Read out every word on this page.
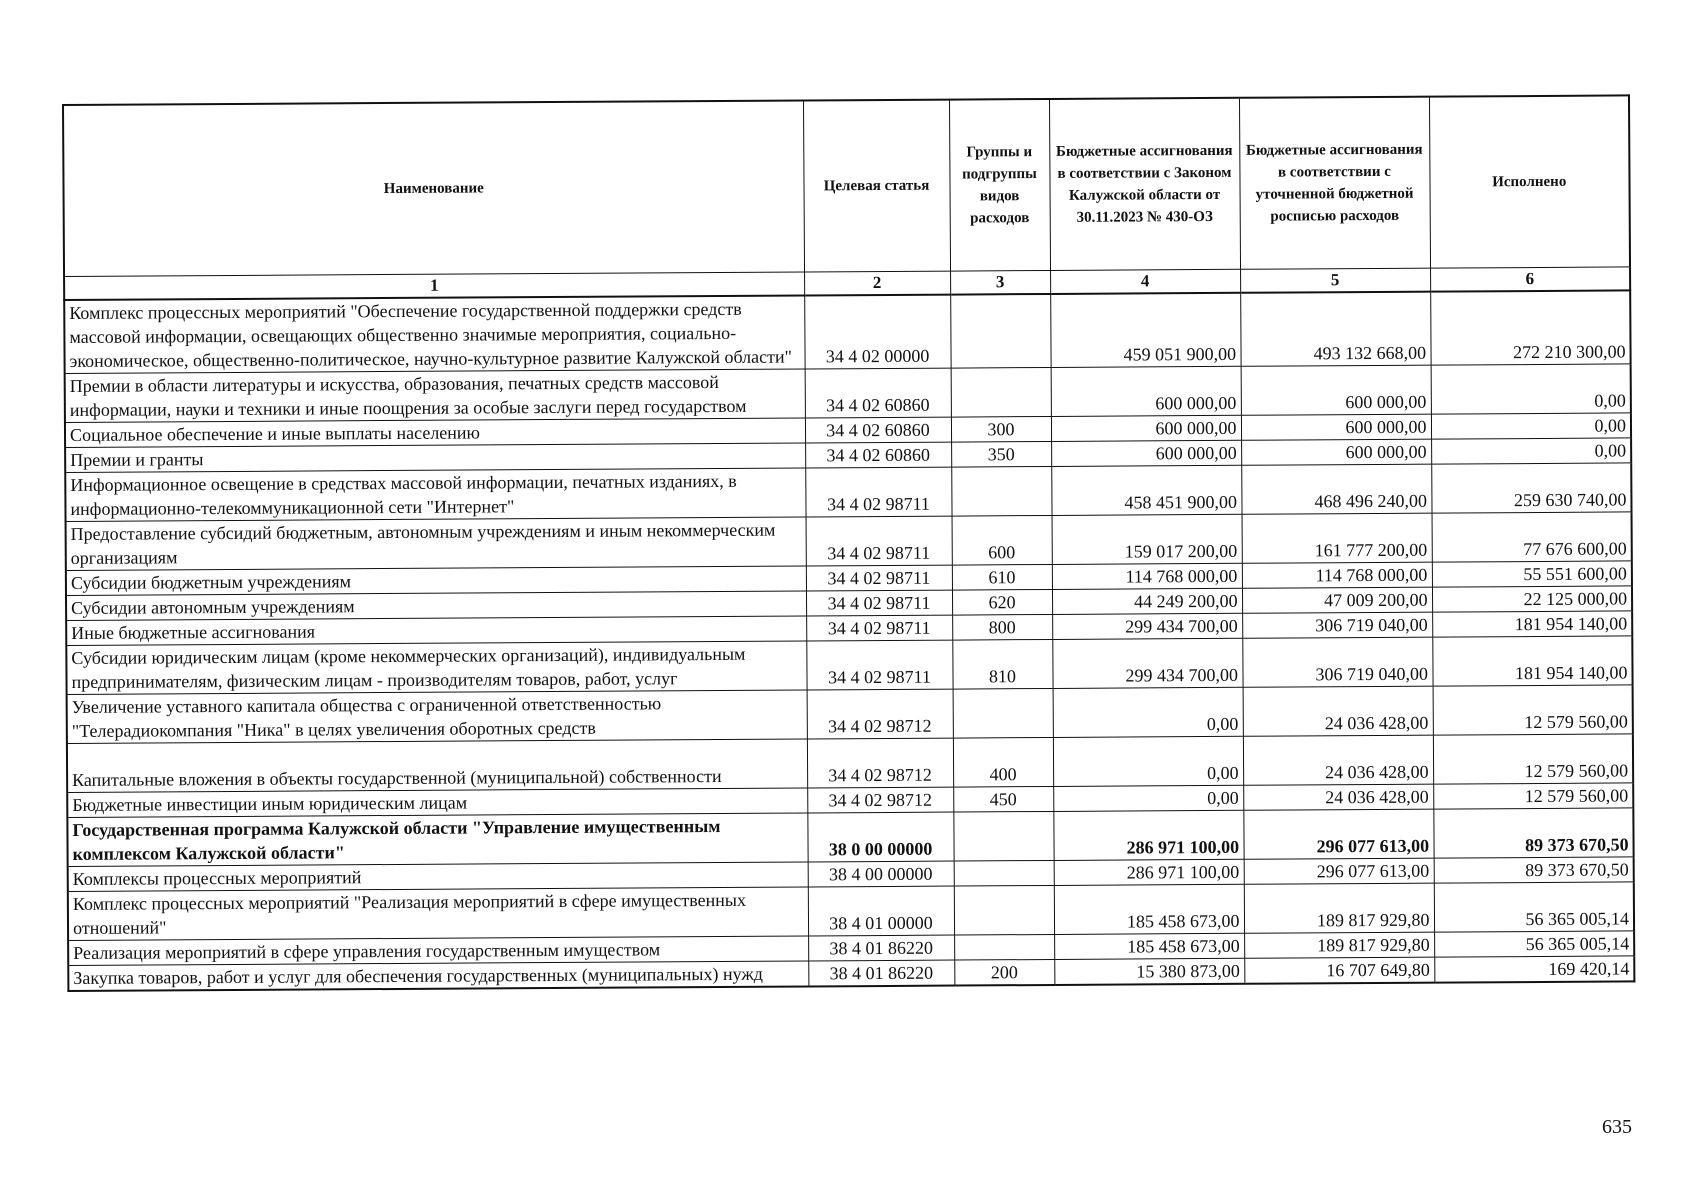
Наименование	Целевая статья	Группы и подгруппы видов расходов	Бюджетные ассигнования в соответствии с Законом Калужской области от 30.11.2023 № 430-ОЗ	Бюджетные ассигнования в соответствии с уточненной бюджетной росписью расходов	Исполнено
1	2	3	4	5	6
Комплекс процессных мероприятий "Обеспечение государственной поддержки средств массовой информации, освещающих общественно значимые мероприятия, социально-экономическое, общественно-политическое, научно-культурное развитие Калужской области"	34 4 02 00000		459 051 900,00	493 132 668,00	272 210 300,00
Премии в области литературы и искусства, образования, печатных средств массовой информации, науки и техники и иные поощрения за особые заслуги перед государством	34 4 02 60860		600 000,00	600 000,00	0,00
Социальное обеспечение и иные выплаты населению	34 4 02 60860	300	600 000,00	600 000,00	0,00
Премии и гранты	34 4 02 60860	350	600 000,00	600 000,00	0,00
Информационное освещение в средствах массовой информации, печатных изданиях, в информационно-телекоммуникационной сети "Интернет"	34 4 02 98711		458 451 900,00	468 496 240,00	259 630 740,00
Предоставление субсидий бюджетным, автономным учреждениям и иным некоммерческим организациям	34 4 02 98711	600	159 017 200,00	161 777 200,00	77 676 600,00
Субсидии бюджетным учреждениям	34 4 02 98711	610	114 768 000,00	114 768 000,00	55 551 600,00
Субсидии автономным учреждениям	34 4 02 98711	620	44 249 200,00	47 009 200,00	22 125 000,00
Иные бюджетные ассигнования	34 4 02 98711	800	299 434 700,00	306 719 040,00	181 954 140,00
Субсидии юридическим лицам (кроме некоммерческих организаций), индивидуальным предпринимателям, физическим лицам - производителям товаров, работ, услуг	34 4 02 98711	810	299 434 700,00	306 719 040,00	181 954 140,00
Увеличение уставного капитала общества с ограниченной ответственностью "Телерадиокомпания "Ника" в целях увеличения оборотных средств	34 4 02 98712		0,00	24 036 428,00	12 579 560,00
Капитальные вложения в объекты государственной (муниципальной) собственности	34 4 02 98712	400	0,00	24 036 428,00	12 579 560,00
Бюджетные инвестиции иным юридическим лицам	34 4 02 98712	450	0,00	24 036 428,00	12 579 560,00
Государственная программа Калужской области "Управление имущественным комплексом Калужской области"	38 0 00 00000		286 971 100,00	296 077 613,00	89 373 670,50
Комплексы процессных мероприятий	38 4 00 00000		286 971 100,00	296 077 613,00	89 373 670,50
Комплекс процессных мероприятий "Реализация мероприятий в сфере имущественных отношений"	38 4 01 00000		185 458 673,00	189 817 929,80	56 365 005,14
Реализация мероприятий в сфере управления государственным имуществом	38 4 01 86220		185 458 673,00	189 817 929,80	56 365 005,14
Закупка товаров, работ и услуг для обеспечения государственных (муниципальных) нужд	38 4 01 86220	200	15 380 873,00	16 707 649,80	169 420,14
635
